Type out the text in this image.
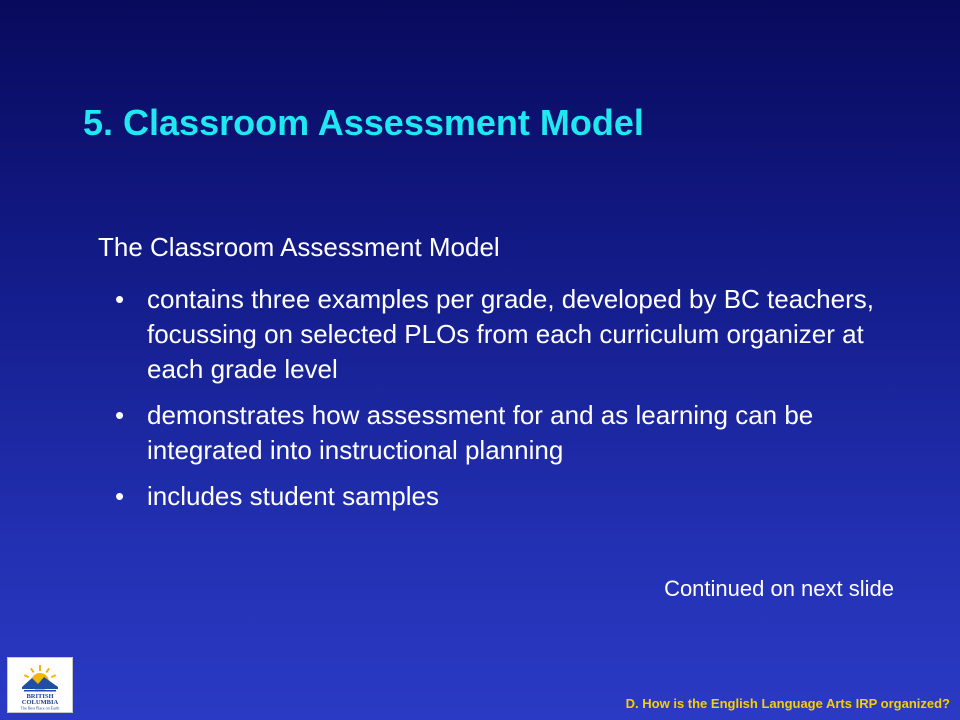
5. Classroom Assessment Model

The Classroom Assessment Model

• contains three examples per grade, developed by BC teachers, focussing on selected PLOs from each curriculum organizer at each grade level
• demonstrates how assessment for and as learning can be integrated into instructional planning
• includes student samples

Continued on next slide

BRITISH
COLUMBIA
The Best Place on Earth	D. How is the English Language Arts IRP organized?
